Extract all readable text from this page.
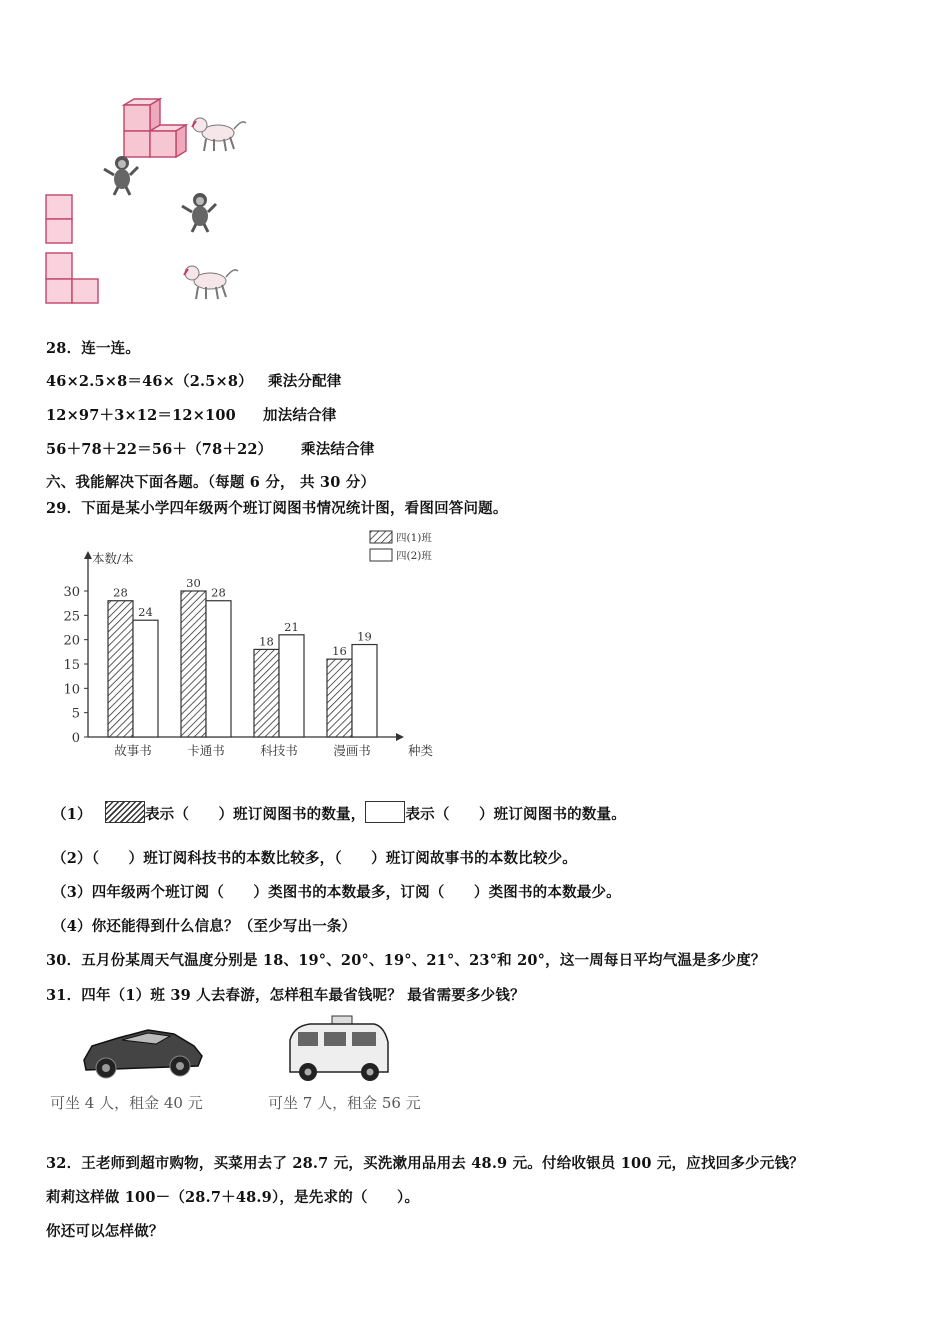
28．连一连。
46×2.5×8＝46×（2.5×8） 乘法分配律
12×97＋3×12＝12×100 加法结合律
56＋78＋22＝56＋（78＋22） 乘法结合律
六、我能解决下面各题。（每题 6 分， 共 30 分）
29．下面是某小学四年级两个班订阅图书情况统计图，看图回答问题。
本数/本
四(1)班
四(2)班
0
5
10
15
20
25
30	28
24
故事书
30
28
卡通书
18
21
科技书
16
19
漫画书	种类
（1）	表示（　　）班订阅图书的数量，	表示（　　）班订阅图书的数量。
（2）（　　）班订阅科技书的本数比较多，（　　）班订阅故事书的本数比较少。
（3）四年级两个班订阅（　　）类图书的本数最多，订阅（　　）类图书的本数最少。
（4）你还能得到什么信息？（至少写出一条）
30．五月份某周天气温度分别是 18、19°、20°、19°、21°、23°和 20°，这一周每日平均气温是多少度？
31．四年（1）班 39 人去春游，怎样租车最省钱呢？ 最省需要多少钱？
可坐 4 人，租金 40 元	可坐 7 人，租金 56 元
32．王老师到超市购物，买菜用去了 28.7 元，买洗漱用品用去 48.9 元。付给收银员 100 元，应找回多少元钱？
莉莉这样做 100－（28.7＋48.9），是先求的（　　）。
你还可以怎样做？
